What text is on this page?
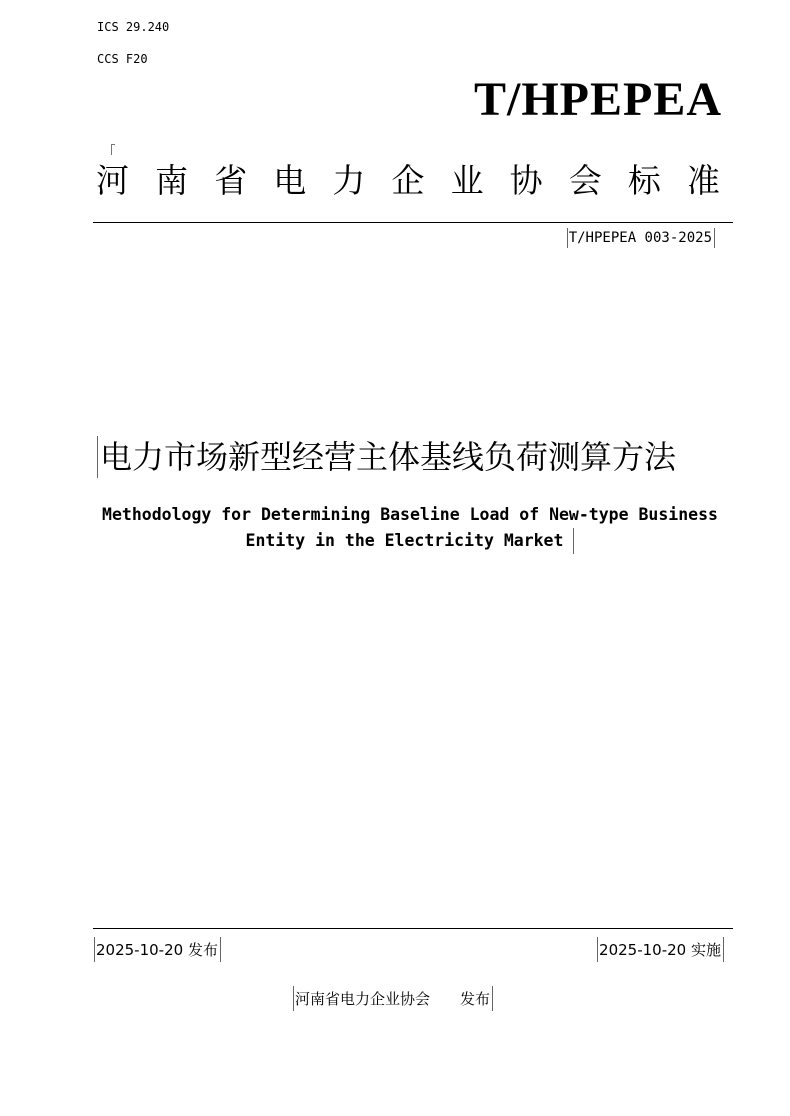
ICS 29.240
CCS F20
T/HPEPEA
河 南 省 电 力 企 业 协 会 标 准
T/HPEPEA 003-2025
电力市场新型经营主体基线负荷测算方法
Methodology for Determining Baseline Load of New-type Business
Entity in the Electricity Market
2025-10-20 发布	2025-10-20 实施
河南省电力企业协会 发布
